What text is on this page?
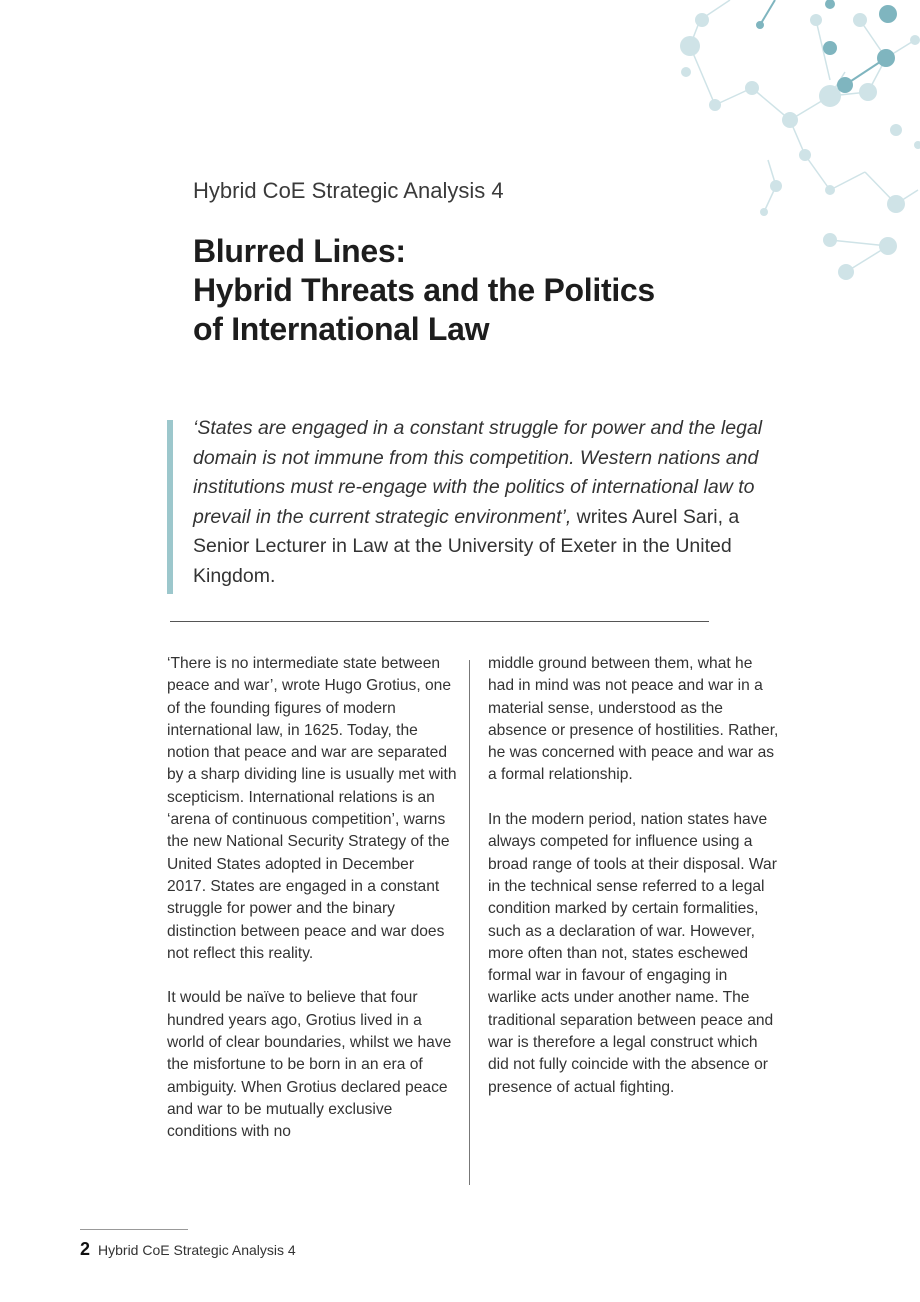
Hybrid CoE Strategic Analysis 4
Blurred Lines:
Hybrid Threats and the Politics
of International Law

‘States are engaged in a constant struggle for power and the legal domain is not immune from this competition. Western nations and institutions must re-engage with the politics of international law to prevail in the current strategic environment’, writes Aurel Sari, a Senior Lecturer in Law at the University of Exeter in the United Kingdom.

‘There is no intermediate state between peace and war’, wrote Hugo Grotius, one of the founding figures of modern international law, in 1625. Today, the notion that peace and war are separated by a sharp dividing line is usually met with scepticism. International relations is an ‘arena of continuous competition’, warns the new National Security Strategy of the United States adopted in December 2017. States are engaged in a constant struggle for power and the binary distinction between peace and war does not reflect this reality.

It would be naïve to believe that four hundred years ago, Grotius lived in a world of clear boundaries, whilst we have the misfortune to be born in an era of ambiguity. When Grotius declared peace and war to be mutually exclusive conditions with no

middle ground between them, what he had in mind was not peace and war in a material sense, understood as the absence or presence of hostilities. Rather, he was concerned with peace and war as a formal relationship.

In the modern period, nation states have always competed for influence using a broad range of tools at their disposal. War in the technical sense referred to a legal condition marked by certain formalities, such as a declaration of war. However, more often than not, states eschewed formal war in favour of engaging in warlike acts under another name. The traditional separation between peace and war is therefore a legal construct which did not fully coincide with the absence or presence of actual fighting.

2 Hybrid CoE Strategic Analysis 4
